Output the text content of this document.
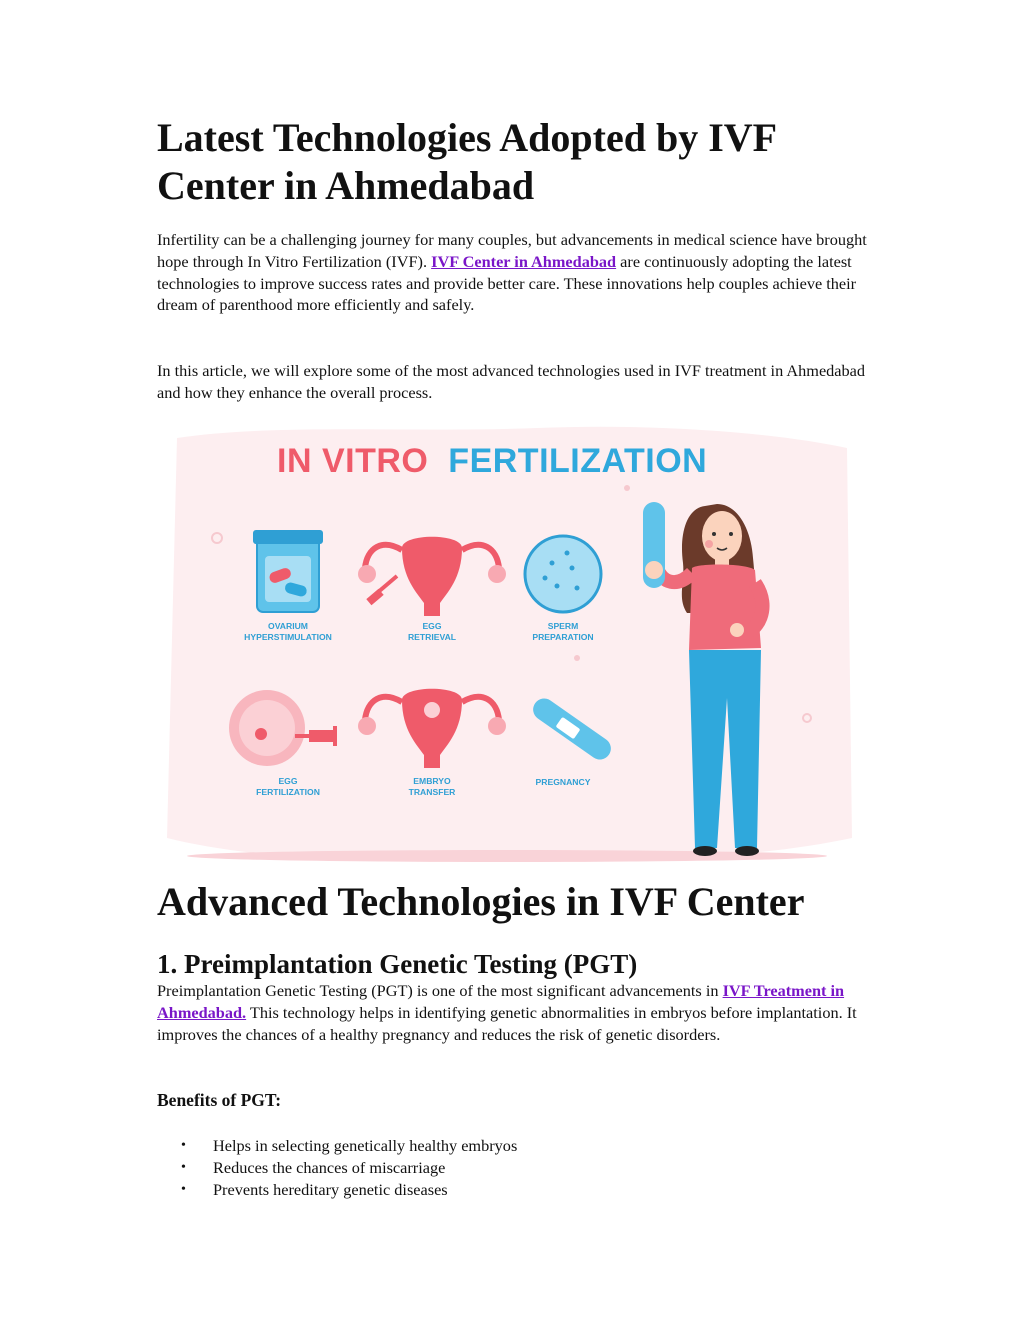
Latest Technologies Adopted by IVF Center in Ahmedabad

Infertility can be a challenging journey for many couples, but advancements in medical science have brought hope through In Vitro Fertilization (IVF). IVF Center in Ahmedabad are continuously adopting the latest technologies to improve success rates and provide better care. These innovations help couples achieve their dream of parenthood more efficiently and safely.

In this article, we will explore some of the most advanced technologies used in IVF treatment in Ahmedabad and how they enhance the overall process.

IN VITRO FERTILIZATION
OVARIUM
HYPERSTIMULATION
EGG
RETRIEVAL
SPERM
PREPARATION
EGG
FERTILIZATION
EMBRYO
TRANSFER
PREGNANCY
Advanced Technologies in IVF Center
1. Preimplantation Genetic Testing (PGT)

Preimplantation Genetic Testing (PGT) is one of the most significant advancements in IVF Treatment in Ahmedabad. This technology helps in identifying genetic abnormalities in embryos before implantation. It improves the chances of a healthy pregnancy and reduces the risk of genetic disorders.

Benefits of PGT:
• Helps in selecting genetically healthy embryos
• Reduces the chances of miscarriage
• Prevents hereditary genetic diseases
